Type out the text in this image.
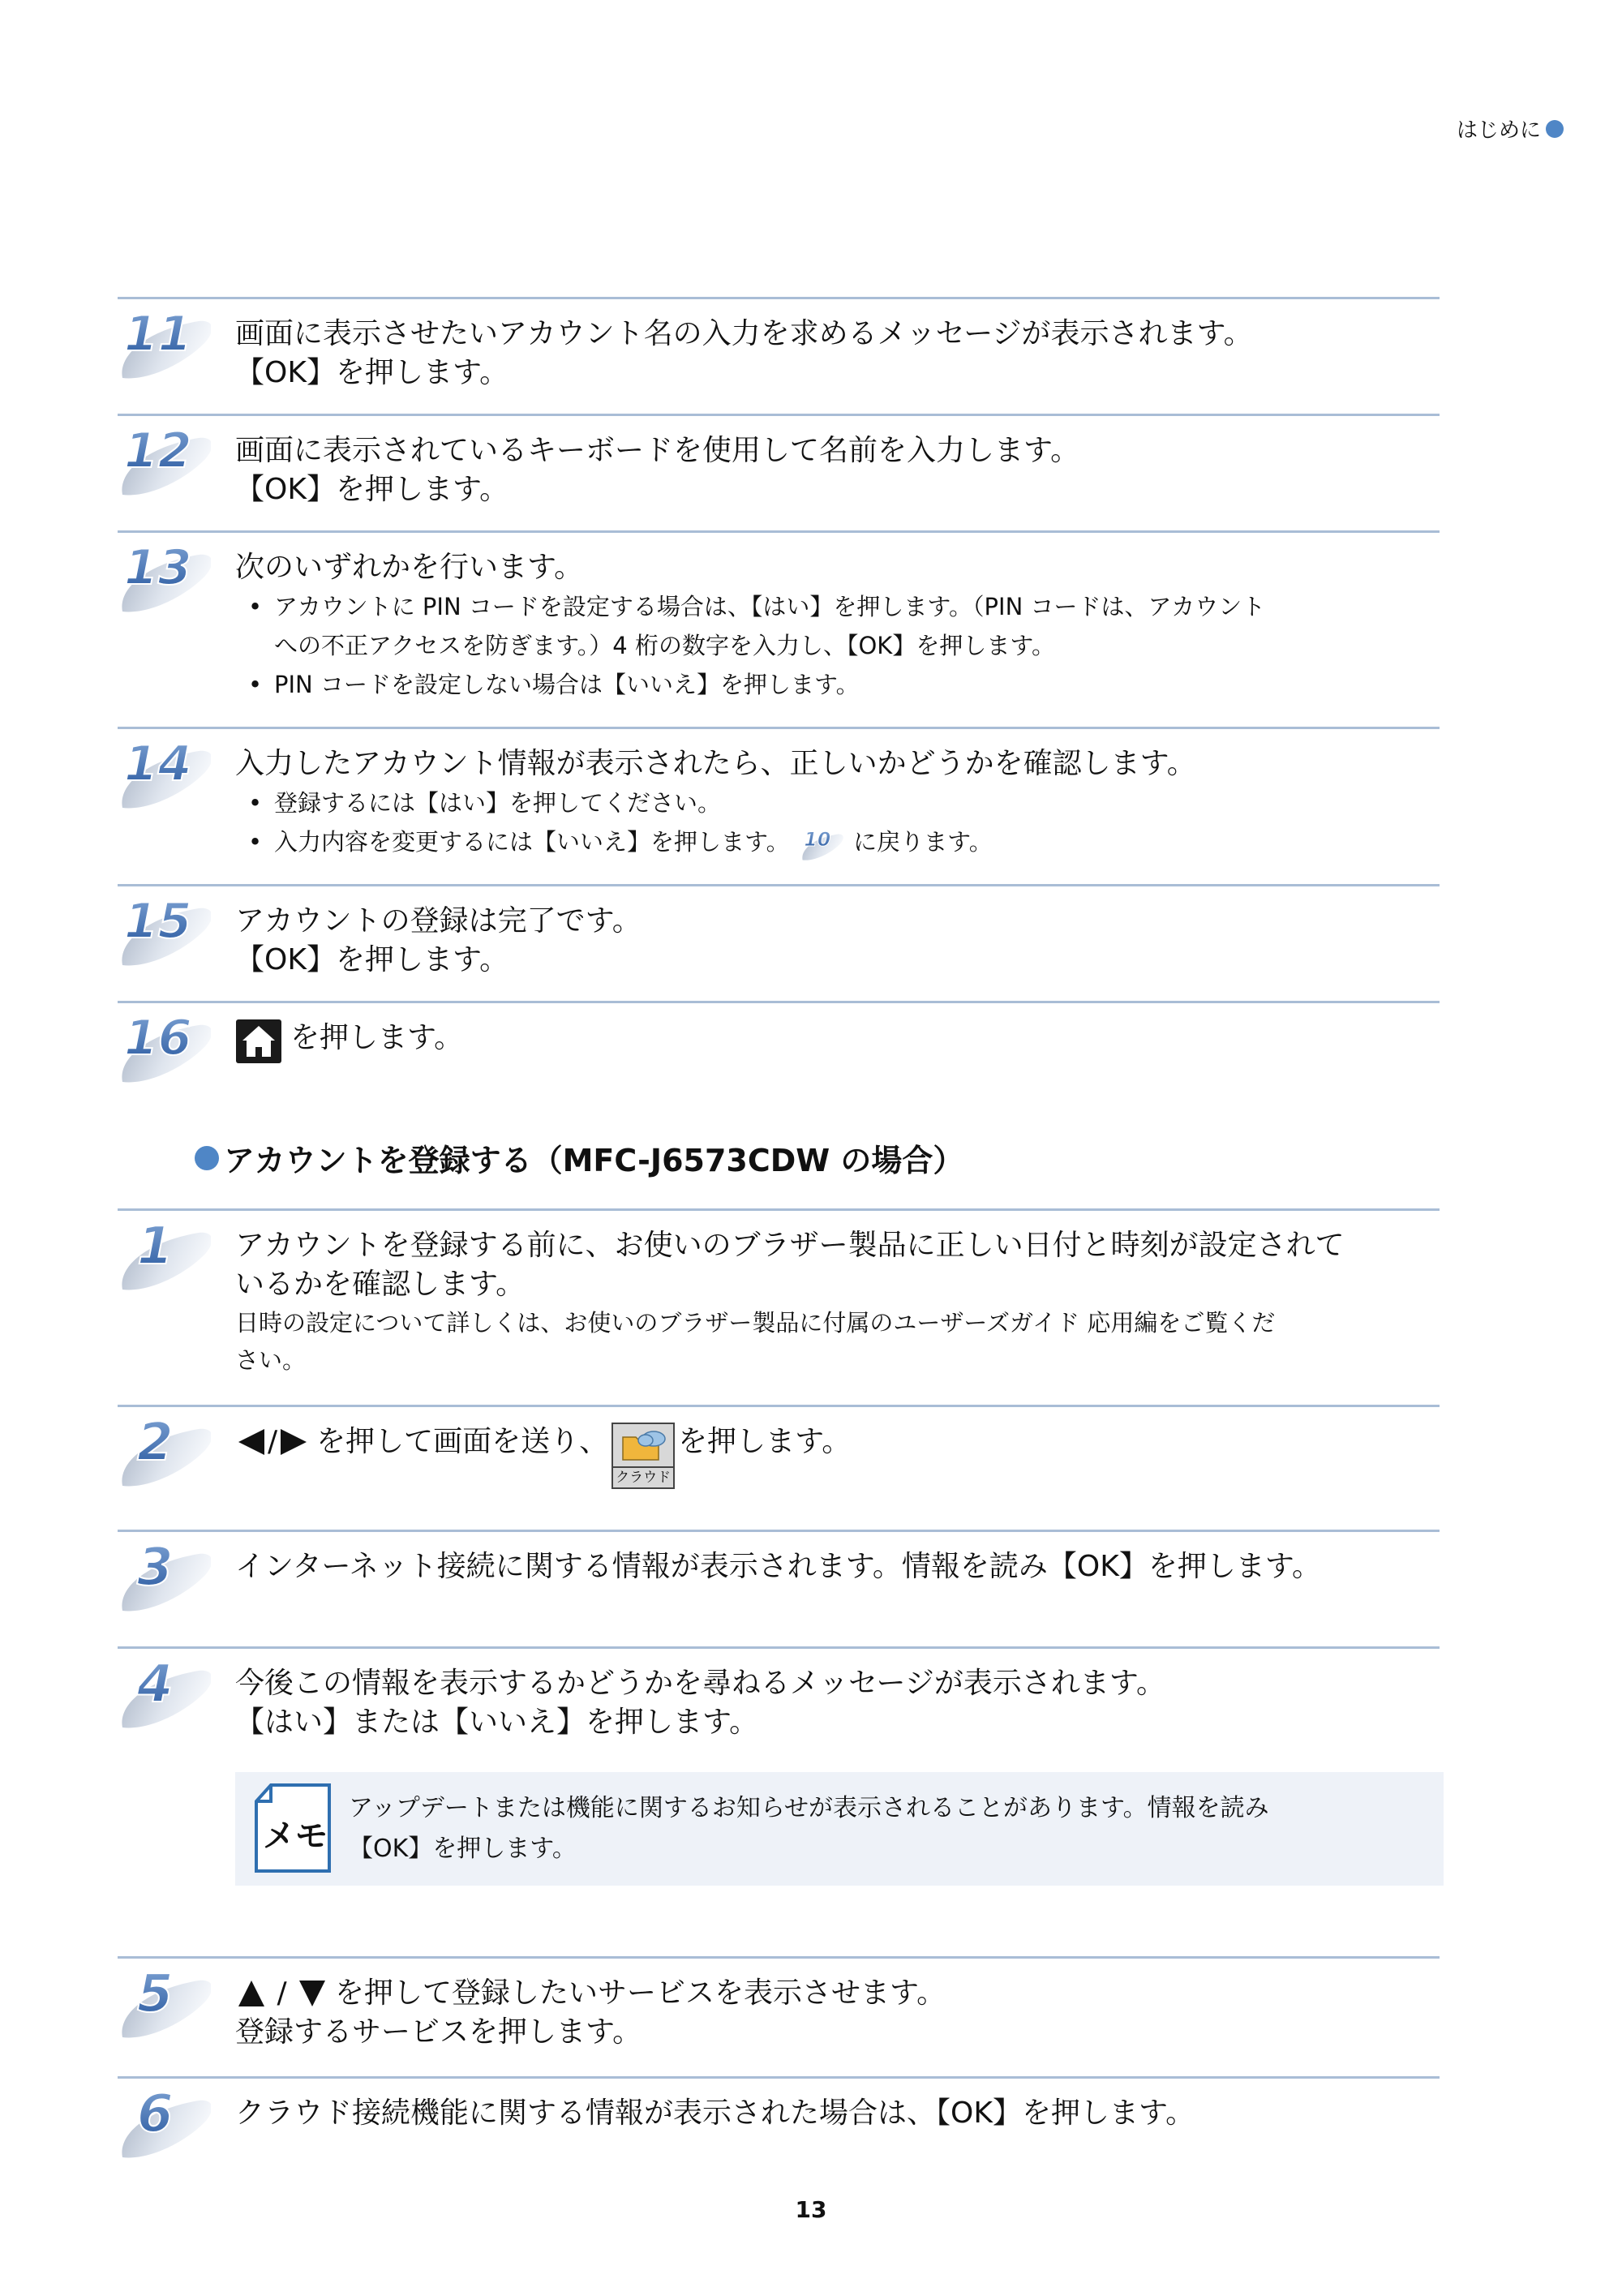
はじめに
11 画面に表示させたいアカウント名の入力を求めるメッセージが表示されます。
【OK】を押します。
12 画面に表示されているキーボードを使用して名前を入力します。
【OK】を押します。
13 次のいずれかを行います。
• アカウントに PIN コードを設定する場合は、【はい】を押します。（PIN コードは、アカウント
への不正アクセスを防ぎます。）4 桁の数字を入力し、【OK】を押します。
• PIN コードを設定しない場合は【いいえ】を押します。
14 入力したアカウント情報が表示されたら、正しいかどうかを確認します。
• 登録するには【はい】を押してください。
• 入力内容を変更するには【いいえ】を押します。 10 に戻ります。
15 アカウントの登録は完了です。
【OK】を押します。
16	を押します。
アカウントを登録する（MFC-J6573CDW の場合）
1 アカウントを登録する前に、お使いのブラザー製品に正しい日付と時刻が設定されて
いるかを確認します。
日時の設定について詳しくは、お使いのブラザー製品に付属のユーザーズガイド 応用編をご覧くだ
さい。
2	/ を押して画面を送り、
クラウド
を押します。
3 インターネット接続に関する情報が表示されます。情報を読み【OK】を押します。
4 今後この情報を表示するかどうかを尋ねるメッセージが表示されます。
【はい】または【いいえ】を押します。
メモ
アップデートまたは機能に関するお知らせが表示されることがあります。情報を読み
【OK】を押します。
5	/ を押して登録したいサービスを表示させます。
登録するサービスを押します。
6 クラウド接続機能に関する情報が表示された場合は、【OK】を押します。
13
